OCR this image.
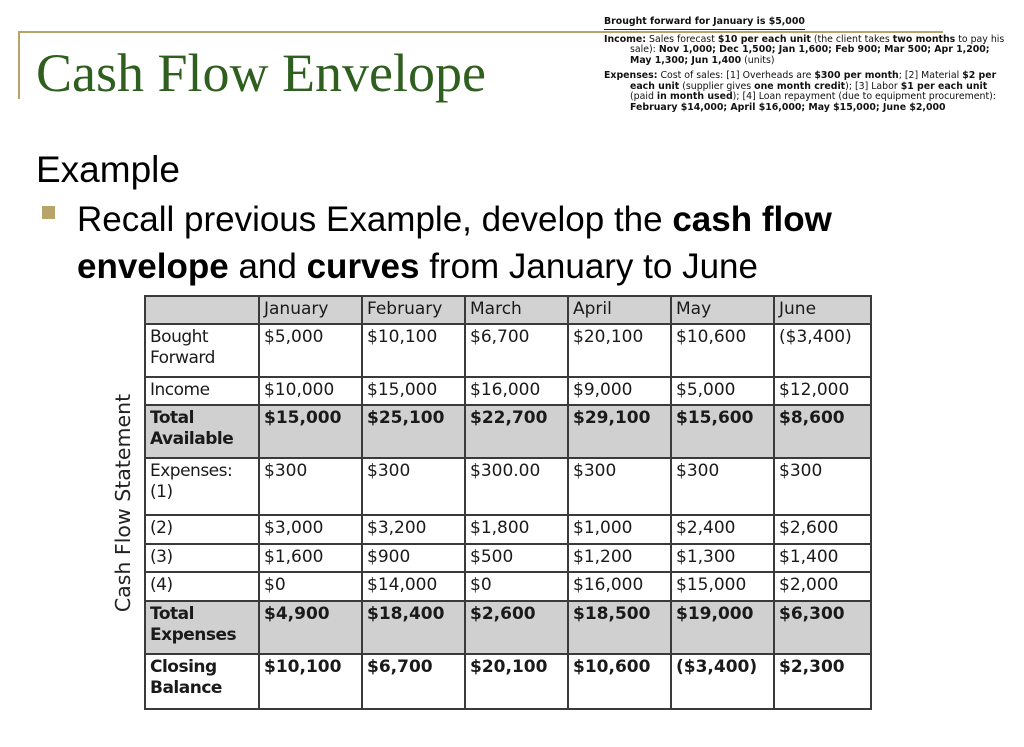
Cash Flow Envelope
Brought forward for January is $5,000

Income: Sales forecast $10 per each unit (the client takes two months to pay his sale): Nov 1,000; Dec 1,500; Jan 1,600; Feb 900; Mar 500; Apr 1,200; May 1,300; Jun 1,400 (units)

Expenses: Cost of sales: [1] Overheads are $300 per month; [2] Material $2 per each unit (supplier gives one month credit); [3] Labor $1 per each unit (paid in month used); [4] Loan repayment (due to equipment procurement): February $14,000; April $16,000; May $15,000; June $2,000

Example
Recall previous Example, develop the cash flow envelope and curves from January to June
Cash Flow Statement
	January	February	March	April	May	June
Bought Forward	$5,000	$10,100	$6,700	$20,100	$10,600	($3,400)
Income	$10,000	$15,000	$16,000	$9,000	$5,000	$12,000
Total Available	$15,000	$25,100	$22,700	$29,100	$15,600	$8,600
Expenses: (1)	$300	$300	$300.00	$300	$300	$300
(2)	$3,000	$3,200	$1,800	$1,000	$2,400	$2,600
(3)	$1,600	$900	$500	$1,200	$1,300	$1,400
(4)	$0	$14,000	$0	$16,000	$15,000	$2,000
Total Expenses	$4,900	$18,400	$2,600	$18,500	$19,000	$6,300
Closing Balance	$10,100	$6,700	$20,100	$10,600	($3,400)	$2,300
